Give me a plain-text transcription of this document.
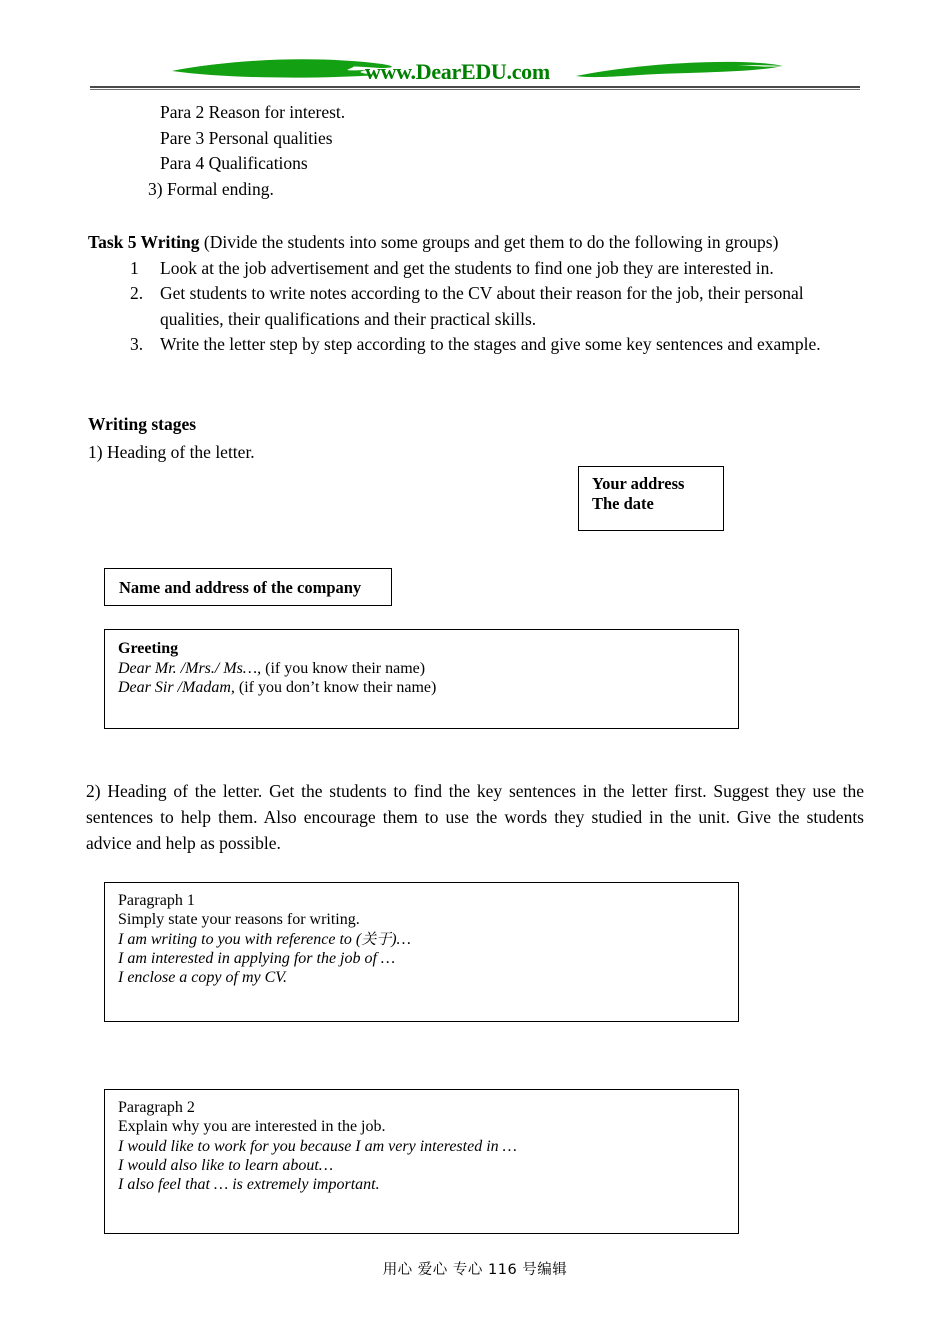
www.DearEDU.com
Para 2 Reason for interest.
Pare 3 Personal qualities
Para 4 Qualifications
3) Formal ending.
Task 5 Writing (Divide the students into some groups and get them to do the following in groups)
1	Look at the job advertisement and get the students to find one job they are interested in.
2. Get students to write notes according to the CV about their reason for the job, their personal qualities, their qualifications and their practical skills.
3. Write the letter step by step according to the stages and give some key sentences and example.
Writing stages
1) Heading of the letter.
Your address
The date
Name and address of the company
Greeting
Dear Mr. /Mrs./ Ms…, (if you know their name)
Dear Sir /Madam, (if you don’t know their name)
2) Heading of the letter. Get the students to find the key sentences in the letter first. Suggest they use the sentences to help them. Also encourage them to use the words they studied in the unit. Give the students advice and help as possible.
Paragraph 1
Simply state your reasons for writing.
I am writing to you with reference to (关于)…
I am interested in applying for the job of …
I enclose a copy of my CV.
Paragraph 2
Explain why you are interested in the job.
I would like to work for you because I am very interested in …
I would also like to learn about…
I also feel that … is extremely important.
用心 爱心 专心 116 号编辑
